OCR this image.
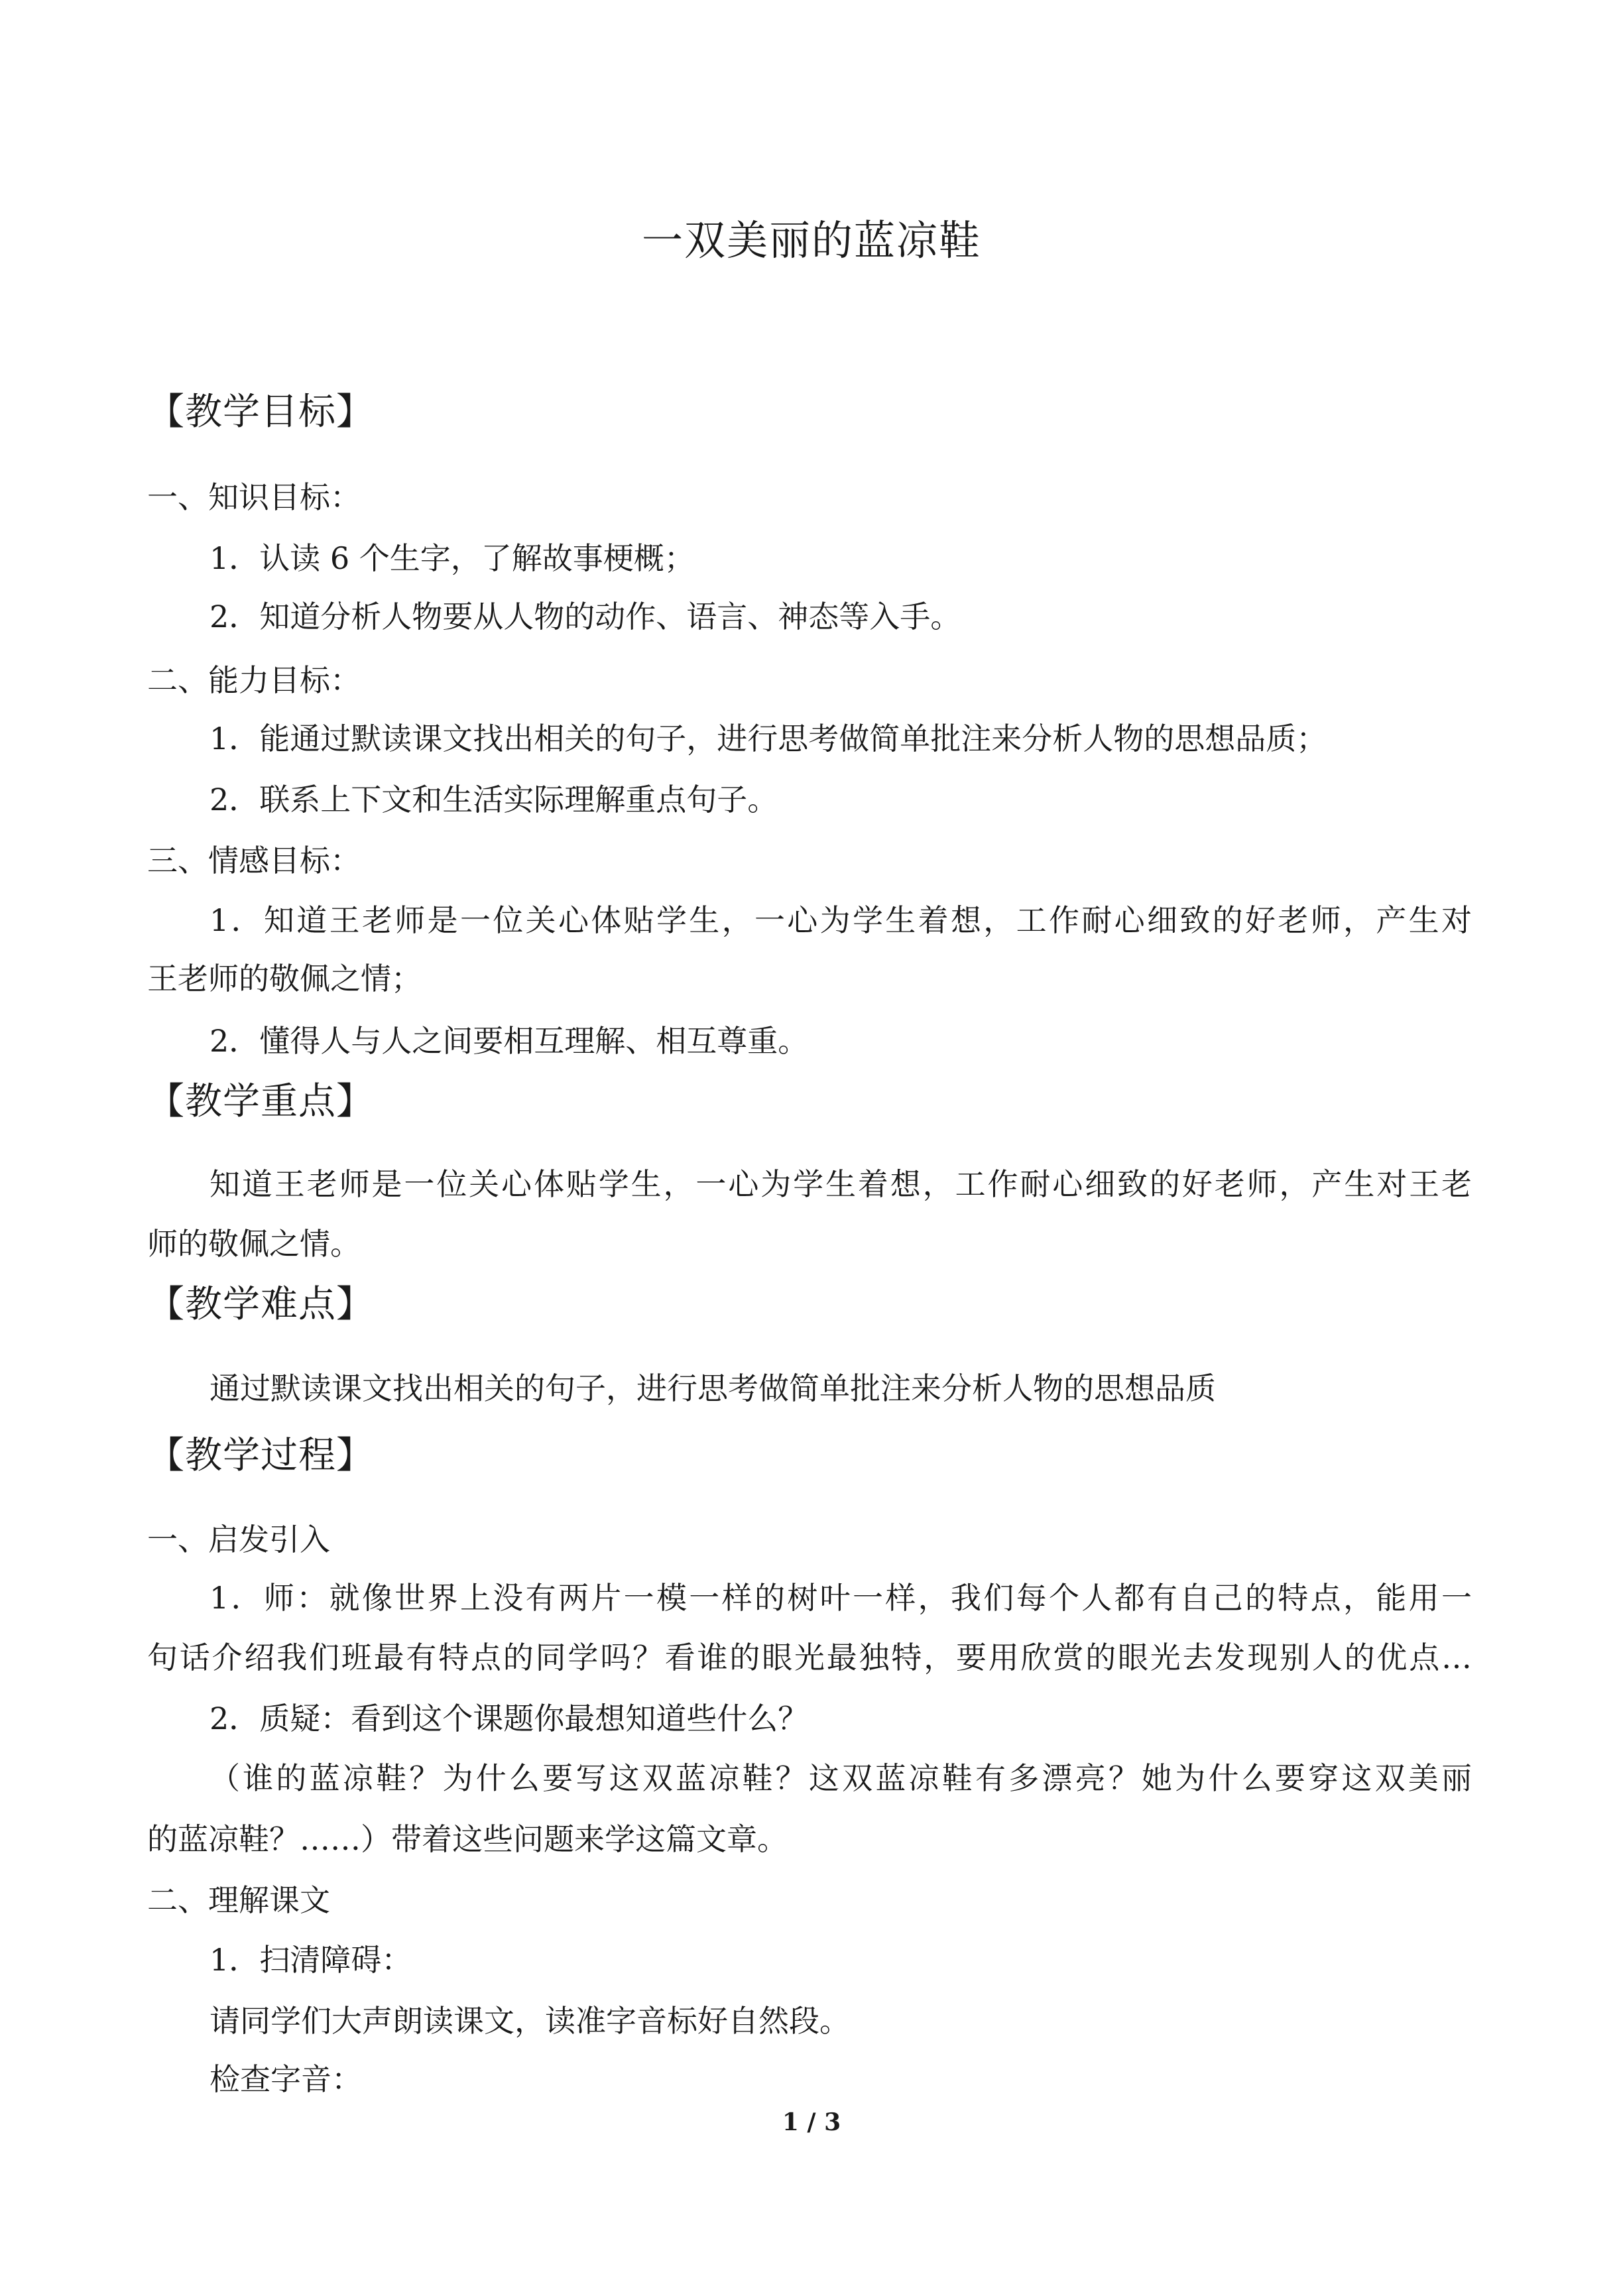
一双美丽的蓝凉鞋
【教学目标】

一、知识目标：

1．认读 6 个生字，了解故事梗概；

2．知道分析人物要从人物的动作、语言、神态等入手。

二、能力目标：

1．能通过默读课文找出相关的句子，进行思考做简单批注来分析人物的思想品质；

2．联系上下文和生活实际理解重点句子。

三、情感目标：

1．知道王老师是一位关心体贴学生，一心为学生着想，工作耐心细致的好老师，产生对

王老师的敬佩之情；

2．懂得人与人之间要相互理解、相互尊重。

【教学重点】

知道王老师是一位关心体贴学生，一心为学生着想，工作耐心细致的好老师，产生对王老

师的敬佩之情。

【教学难点】

通过默读课文找出相关的句子，进行思考做简单批注来分析人物的思想品质

【教学过程】

一、启发引入

1．师：就像世界上没有两片一模一样的树叶一样，我们每个人都有自己的特点，能用一

句话介绍我们班最有特点的同学吗？看谁的眼光最独特，要用欣赏的眼光去发现别人的优点…

2．质疑：看到这个课题你最想知道些什么？

（谁的蓝凉鞋？为什么要写这双蓝凉鞋？这双蓝凉鞋有多漂亮？她为什么要穿这双美丽

的蓝凉鞋？……）带着这些问题来学这篇文章。

二、理解课文

1．扫清障碍：

请同学们大声朗读课文，读准字音标好自然段。

检查字音：

1 / 3
